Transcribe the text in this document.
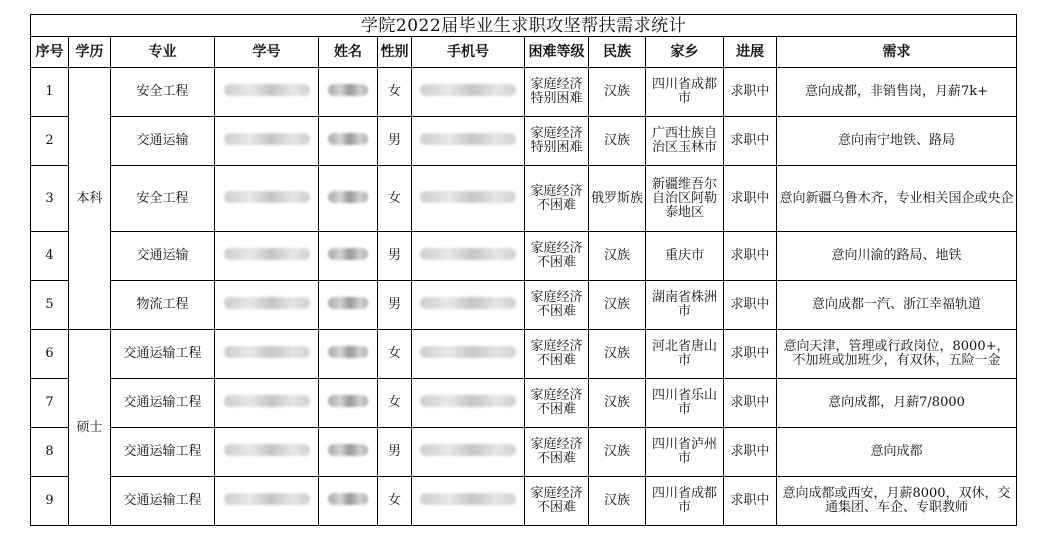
学院2022届毕业生求职攻坚帮扶需求统计											
序号	学历	专业	学号	姓名	性别	手机号	困难等级	民族	家乡	进展	需求
1	本科	安全工程			女		家庭经济特别困难	汉族	四川省成都市	求职中	意向成都，非销售岗，月薪7k+
2		交通运输			男		家庭经济特别困难	汉族	广西壮族自治区玉林市	求职中	意向南宁地铁、路局
3		安全工程			女		家庭经济不困难	俄罗斯族	新疆维吾尔自治区阿勒泰地区	求职中	意向新疆乌鲁木齐，专业相关国企或央企
4		交通运输			男		家庭经济不困难	汉族	重庆市	求职中	意向川渝的路局、地铁
5		物流工程			男		家庭经济不困难	汉族	湖南省株洲市	求职中	意向成都一汽、浙江幸福轨道
6	硕士	交通运输工程			女		家庭经济不困难	汉族	河北省唐山市	求职中	意向天津，管理或行政岗位，8000+，不加班或加班少，有双休，五险一金
7		交通运输工程			女		家庭经济不困难	汉族	四川省乐山市	求职中	意向成都，月薪7/8000
8		交通运输工程			男		家庭经济不困难	汉族	四川省泸州市	求职中	意向成都
9		交通运输工程			女		家庭经济不困难	汉族	四川省成都市	求职中	意向成都或西安，月薪8000，双休，交通集团、车企、专职教师
